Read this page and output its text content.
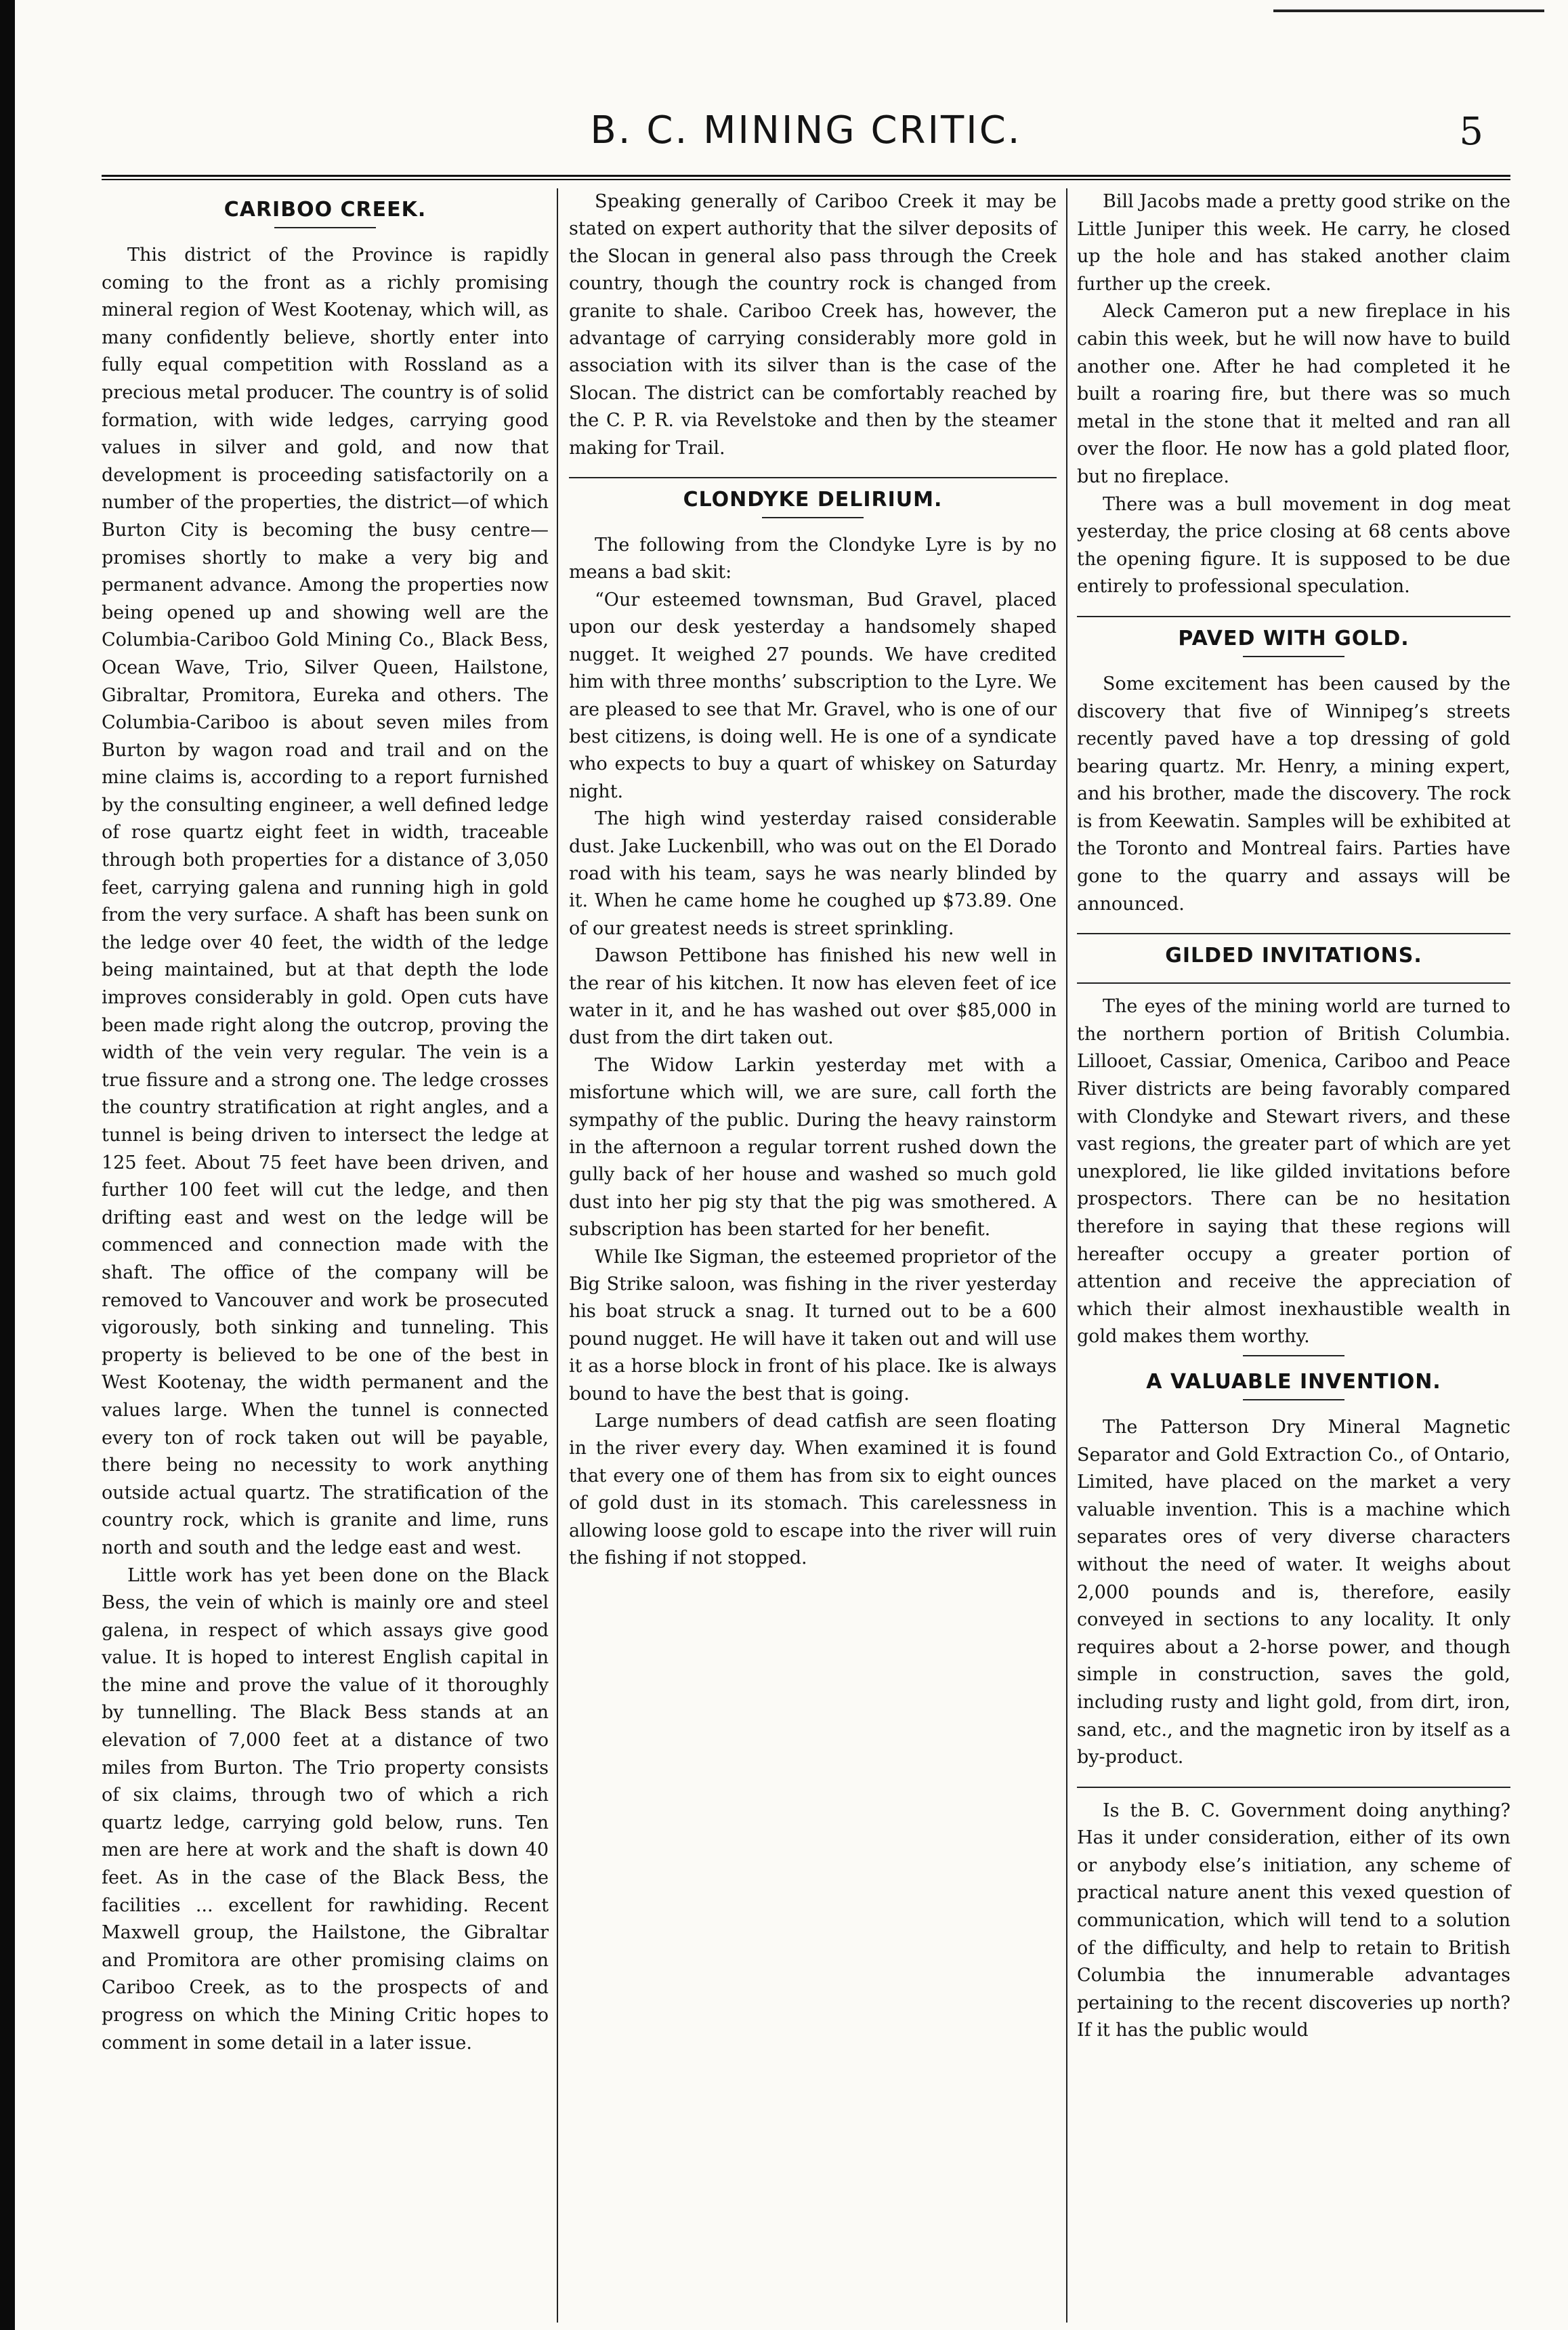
B. C. MINING CRITIC.	5
CARIBOO CREEK.

This district of the Province is rapidly coming to the front as a richly promising mineral region of West Kootenay, which will, as many confidently believe, shortly enter into fully equal competition with Rossland as a precious metal producer. The country is of solid formation, with wide ledges, carrying good values in silver and gold, and now that development is proceeding satisfactorily on a number of the properties, the district—of which Burton City is becoming the busy centre—promises shortly to make a very big and permanent advance. Among the properties now being opened up and showing well are the Columbia-Cariboo Gold Mining Co., Black Bess, Ocean Wave, Trio, Silver Queen, Hailstone, Gibraltar, Promitora, Eureka and others. The Columbia-Cariboo is about seven miles from Burton by wagon road and trail and on the mine claims is, according to a report furnished by the consulting engineer, a well defined ledge of rose quartz eight feet in width, traceable through both properties for a distance of 3,050 feet, carrying galena and running high in gold from the very surface. A shaft has been sunk on the ledge over 40 feet, the width of the ledge being maintained, but at that depth the lode improves considerably in gold. Open cuts have been made right along the outcrop, proving the width of the vein very regular. The vein is a true fissure and a strong one. The ledge crosses the country stratification at right angles, and a tunnel is being driven to intersect the ledge at 125 feet. About 75 feet have been driven, and further 100 feet will cut the ledge, and then drifting east and west on the ledge will be commenced and connection made with the shaft. The office of the company will be removed to Vancouver and work be prosecuted vigorously, both sinking and tunneling. This property is believed to be one of the best in West Kootenay, the width permanent and the values large. When the tunnel is connected every ton of rock taken out will be payable, there being no necessity to work anything outside actual quartz. The stratification of the country rock, which is granite and lime, runs north and south and the ledge east and west.

Little work has yet been done on the Black Bess, the vein of which is mainly ore and steel galena, in respect of which assays give good value. It is hoped to interest English capital in the mine and prove the value of it thoroughly by tunnelling. The Black Bess stands at an elevation of 7,000 feet at a distance of two miles from Burton. The Trio property consists of six claims, through two of which a rich quartz ledge, carrying gold below, runs. Ten men are here at work and the shaft is down 40 feet. As in the case of the Black Bess, the facilities ... excellent for rawhiding. Recent Maxwell group, the Hailstone, the Gibraltar and Promitora are other promising claims on Cariboo Creek, as to the prospects of and progress on which the Mining Critic hopes to comment in some detail in a later issue.

Speaking generally of Cariboo Creek it may be stated on expert authority that the silver deposits of the Slocan in general also pass through the Creek country, though the country rock is changed from granite to shale. Cariboo Creek has, however, the advantage of carrying considerably more gold in association with its silver than is the case of the Slocan. The district can be comfortably reached by the C. P. R. via Revelstoke and then by the steamer making for Trail.

CLONDYKE DELIRIUM.

The following from the Clondyke Lyre is by no means a bad skit:

“Our esteemed townsman, Bud Gravel, placed upon our desk yesterday a handsomely shaped nugget. It weighed 27 pounds. We have credited him with three months’ subscription to the Lyre. We are pleased to see that Mr. Gravel, who is one of our best citizens, is doing well. He is one of a syndicate who expects to buy a quart of whiskey on Saturday night.

The high wind yesterday raised considerable dust. Jake Luckenbill, who was out on the El Dorado road with his team, says he was nearly blinded by it. When he came home he coughed up $73.89. One of our greatest needs is street sprinkling.

Dawson Pettibone has finished his new well in the rear of his kitchen. It now has eleven feet of ice water in it, and he has washed out over $85,000 in dust from the dirt taken out.

The Widow Larkin yesterday met with a misfortune which will, we are sure, call forth the sympathy of the public. During the heavy rainstorm in the afternoon a regular torrent rushed down the gully back of her house and washed so much gold dust into her pig sty that the pig was smothered. A subscription has been started for her benefit.

While Ike Sigman, the esteemed proprietor of the Big Strike saloon, was fishing in the river yesterday his boat struck a snag. It turned out to be a 600 pound nugget. He will have it taken out and will use it as a horse block in front of his place. Ike is always bound to have the best that is going.

Large numbers of dead catfish are seen floating in the river every day. When examined it is found that every one of them has from six to eight ounces of gold dust in its stomach. This carelessness in allowing loose gold to escape into the river will ruin the fishing if not stopped.

Bill Jacobs made a pretty good strike on the Little Juniper this week. He carry, he closed up the hole and has staked another claim further up the creek.

Aleck Cameron put a new fireplace in his cabin this week, but he will now have to build another one. After he had completed it he built a roaring fire, but there was so much metal in the stone that it melted and ran all over the floor. He now has a gold plated floor, but no fireplace.

There was a bull movement in dog meat yesterday, the price closing at 68 cents above the opening figure. It is supposed to be due entirely to professional speculation.

PAVED WITH GOLD.

Some excitement has been caused by the discovery that five of Winnipeg’s streets recently paved have a top dressing of gold bearing quartz. Mr. Henry, a mining expert, and his brother, made the discovery. The rock is from Keewatin. Samples will be exhibited at the Toronto and Montreal fairs. Parties have gone to the quarry and assays will be announced.

GILDED INVITATIONS.

The eyes of the mining world are turned to the northern portion of British Columbia. Lillooet, Cassiar, Omenica, Cariboo and Peace River districts are being favorably compared with Clondyke and Stewart rivers, and these vast regions, the greater part of which are yet unexplored, lie like gilded invitations before prospectors. There can be no hesitation therefore in saying that these regions will hereafter occupy a greater portion of attention and receive the appreciation of which their almost inexhaustible wealth in gold makes them worthy.

A VALUABLE INVENTION.

The Patterson Dry Mineral Magnetic Separator and Gold Extraction Co., of Ontario, Limited, have placed on the market a very valuable invention. This is a machine which separates ores of very diverse characters without the need of water. It weighs about 2,000 pounds and is, therefore, easily conveyed in sections to any locality. It only requires about a 2-horse power, and though simple in construction, saves the gold, including rusty and light gold, from dirt, iron, sand, etc., and the magnetic iron by itself as a by-product.

Is the B. C. Government doing anything? Has it under consideration, either of its own or anybody else’s initiation, any scheme of practical nature anent this vexed question of communication, which will tend to a solution of the difficulty, and help to retain to British Columbia the innumerable advantages pertaining to the recent discoveries up north? If it has the public would
